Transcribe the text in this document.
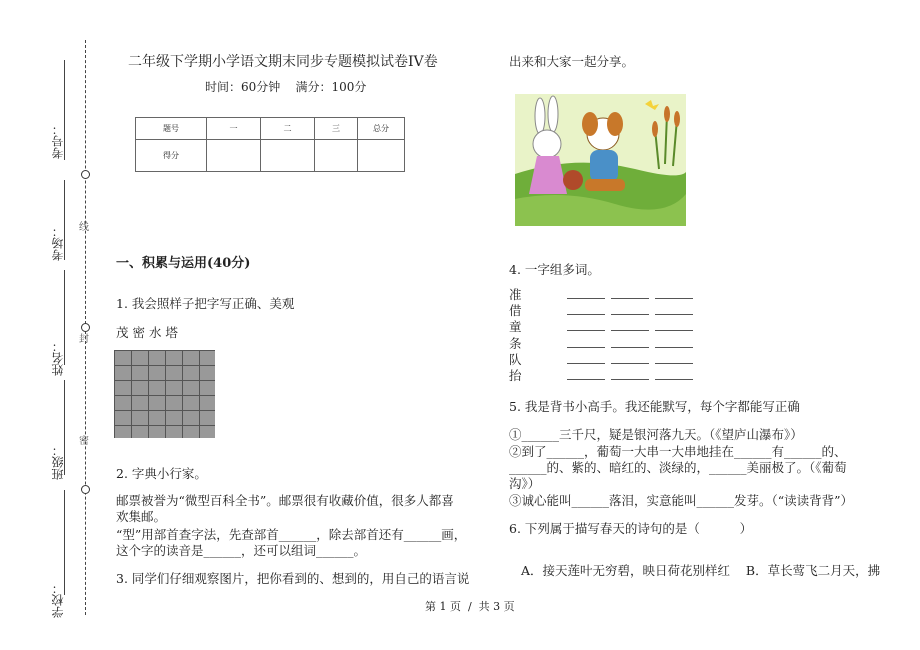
考号：
考场：
姓名：
班级：
学校：
线
封
密
二年级下学期小学语文期末同步专题模拟试卷IV卷
时间：60分钟    满分：100分
题号	一	二	三	总分
得分				
一、积累与运用(40分)
1. 我会照样子把字写正确、美观
茂 密 水 塔
2. 字典小行家。
邮票被誉为“微型百科全书”。邮票很有收藏价值，很多人都喜
欢集邮。
“型”用部首查字法，先查部首______，除去部首还有______画，
这个字的读音是______，还可以组词______。
3. 同学们仔细观察图片，把你看到的、想到的，用自己的语言说
出来和大家一起分享。
4. 一字组多词。
准
借
童
条
队
抬
5. 我是背书小高手。我还能默写，每个字都能写正确
①______三千尺，疑是银河落九天。（《望庐山瀑布》）
②到了______，葡萄一大串一大串地挂在______有______的、
______的、紫的、暗红的、淡绿的，______美丽极了。（《葡萄
沟》）
③诚心能叫______落泪，实意能叫______发芽。（“读读背背”）
6. 下列属于描写春天的诗句的是（          ）
A．接天莲叶无穷碧，映日荷花别样红    B．草长莺飞二月天，拂
第 1 页  /  共 3 页
